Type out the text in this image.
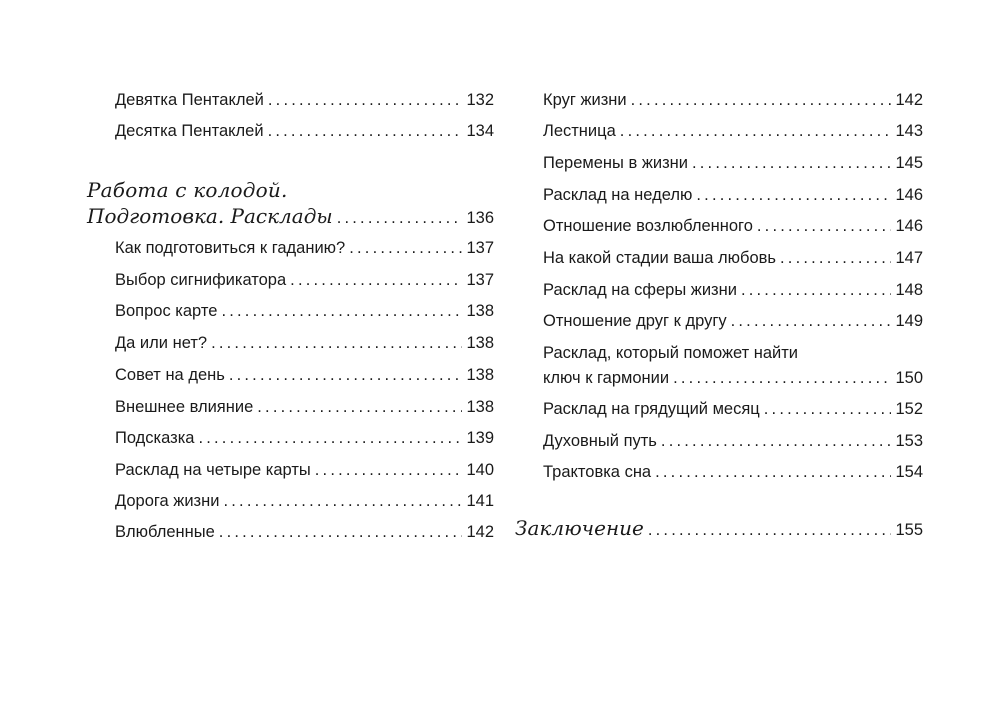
Девятка Пентаклей .....	132
Десятка Пентаклей .....	134
Работа с колодой.
Подготовка. Расклады .....	136
Как подготовиться к гаданию? .....	137
Выбор сигнификатора .....	137
Вопрос карте .....	138
Да или нет? .....	138
Совет на день .....	138
Внешнее влияние .....	138
Подсказка .....	139
Расклад на четыре карты .....	140
Дорога жизни .....	141
Влюбленные .....	142
Круг жизни .....	142
Лестница .....	143
Перемены в жизни .....	145
Расклад на неделю .....	146
Отношение возлюбленного .....	146
На какой стадии ваша любовь .....	147
Расклад на сферы жизни .....	148
Отношение друг к другу .....	149
Расклад, который поможет найти
ключ к гармонии .....	150
Расклад на грядущий месяц .....	152
Духовный путь .....	153
Трактовка сна .....	154
Заключение .....	155
